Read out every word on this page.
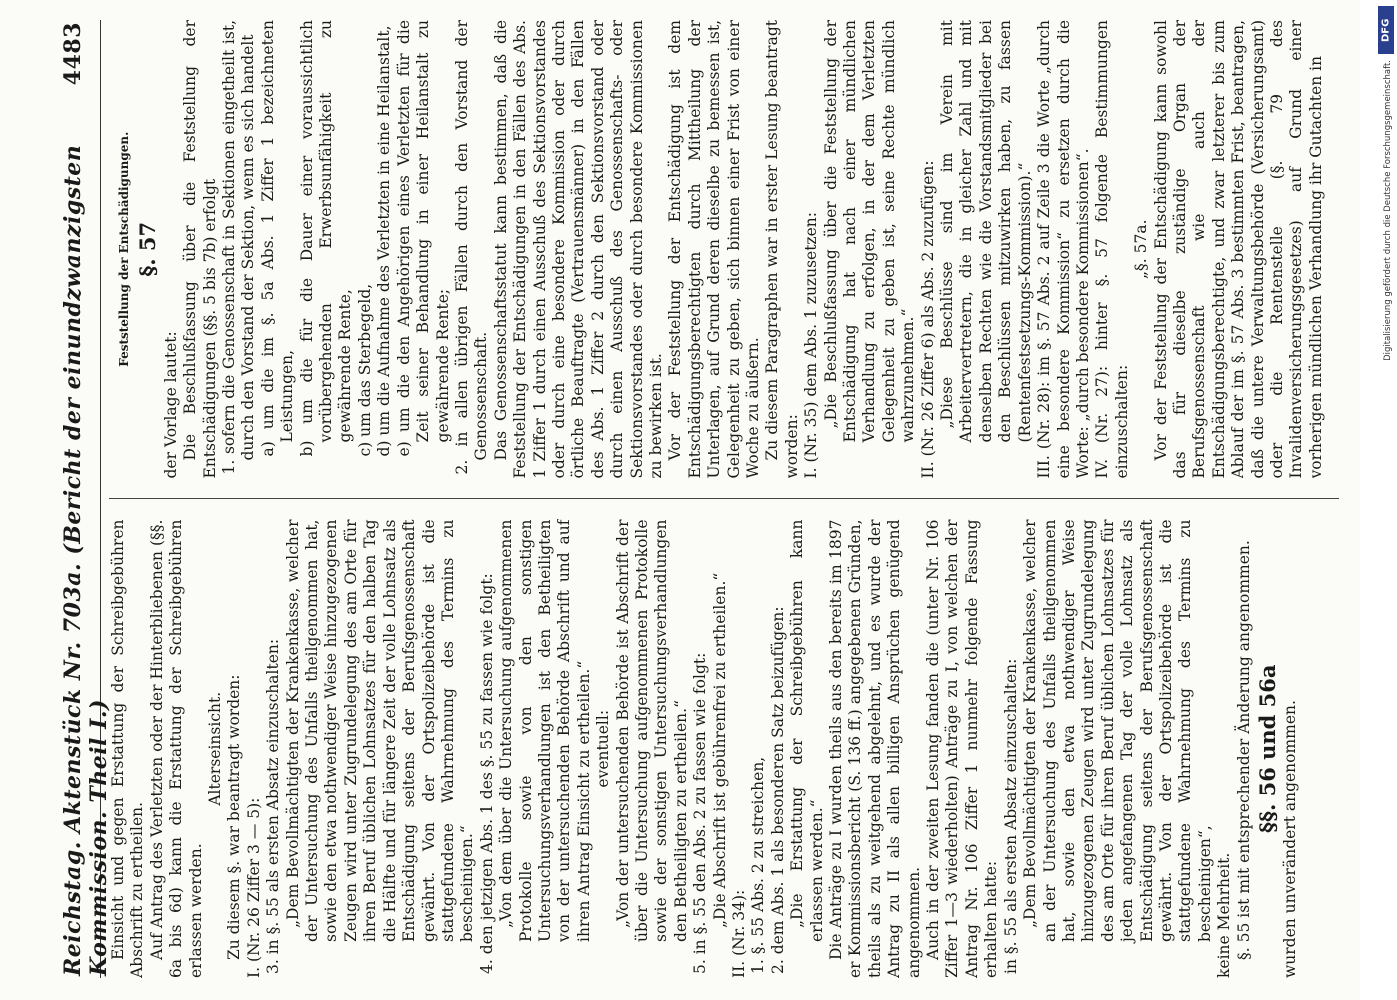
Reichstag. Aktenstück Nr. 703a. (Bericht der einundzwanzigsten Kommission. Theil I.)
4483

Einsicht und gegen Erstattung der Schreibgebühren Abschrift zu ertheilen. Auf Antrag des Verletzten oder der Hinterbliebenen (§§. 6a bis 6d) kann die Erstattung der Schreibgebühren erlassen werden.

Alterseinsicht. Zu diesem §. war beantragt worden: I. (Nr. 26 Ziffer 3 — 5): 3. in §. 55 als ersten Absatz einzuschalten: „Dem Bevollmächtigten der Krankenkasse, welcher der Untersuchung des Unfalls theilgenommen hat, sowie den etwa nothwendiger Weise hinzugezogenen Zeugen wird unter Zugrundelegung des am Orte für ihren Beruf üblichen Lohnsatzes für den halben Tag die Hälfte und für längere Zeit der volle Lohnsatz als Entschädigung seitens der Berufsgenossenschaft gewährt. Von der Ortspolizeibehörde ist die stattgefundene Wahrnehmung des Termins zu bescheinigen.“ 4. den jetzigen Abs. 1 des §. 55 zu fassen wie folgt: „Von dem über die Untersuchung aufgenommenen Protokolle sowie von den sonstigen Untersuchungsverhandlungen ist den Betheiligten von der untersuchenden Behörde Abschrift und auf ihren Antrag Einsicht zu ertheilen.“ eventuell: „Von der untersuchenden Behörde ist Abschrift der über die Untersuchung aufgenommenen Protokolle sowie der sonstigen Untersuchungsverhandlungen den Betheiligten zu ertheilen.“ 5. in §. 55 den Abs. 2 zu fassen wie folgt: „Die Abschrift ist gebührenfrei zu ertheilen.“

II. (Nr. 34): 1. §. 55 Abs. 2 zu streichen, 2. dem Abs. 1 als besonderen Satz beizufügen: „Die Erstattung der Schreibgebühren kann erlassen werden.“ Die Anträge zu I wurden theils aus den bereits im 1897 er Kommissionsbericht (S. 136 ff.) angegebenen Gründen, theils als zu weitgehend abgelehnt, und es wurde der Antrag zu II als allen billigen Ansprüchen genügend angenommen. Auch in der zweiten Lesung fanden die (unter Nr. 106 Ziffer 1—3 wiederholten) Anträge zu I, von welchen der Antrag Nr. 106 Ziffer 1 nunmehr folgende Fassung erhalten hatte: in §. 55 als ersten Absatz einzuschalten: „Dem Bevollmächtigten der Krankenkasse, welcher an der Untersuchung des Unfalls theilgenommen hat, sowie den etwa nothwendiger Weise hinzugezogenen Zeugen wird unter Zugrundelegung des am Orte für ihren Beruf üblichen Lohnsatzes für jeden angefangenen Tag der volle Lohnsatz als Entschädigung seitens der Berufsgenossenschaft gewährt. Von der Ortspolizeibehörde ist die stattgefundene Wahrnehmung des Termins zu bescheinigen“, keine Mehrheit. §. 55 ist mit entsprechender Änderung angenommen. §§. 56 und 56a wurden unverändert angenommen.

Feststellung der Entschädigungen. §. 57

der Vorlage lautet: Die Beschlußfassung über die Feststellung der Entschädigungen (§§. 5 bis 7b) erfolgt 1. sofern die Genossenschaft in Sektionen eingetheilt ist, durch den Vorstand der Sektion, wenn es sich handelt a) um die im §. 5a Abs. 1 Ziffer 1 bezeichneten Leistungen, b) um die für die Dauer einer voraussichtlich vorübergehenden Erwerbsunfähigkeit zu gewährende Rente, c) um das Sterbegeld, d) um die Aufnahme des Verletzten in eine Heilanstalt, e) um die den Angehörigen eines Verletzten für die Zeit seiner Behandlung in einer Heilanstalt zu gewährende Rente; 2. in allen übrigen Fällen durch den Vorstand der Genossenschaft. Das Genossenschaftsstatut kann bestimmen, daß die Feststellung der Entschädigungen in den Fällen des Abs. 1 Ziffer 1 durch einen Ausschuß des Sektionsvorstandes oder durch eine besondere Kommission oder durch örtliche Beauftragte (Vertrauensmänner) in den Fällen des Abs. 1 Ziffer 2 durch den Sektionsvorstand oder durch einen Ausschuß des Genossenschafts- oder Sektionsvorstandes oder durch besondere Kommissionen zu bewirken ist. Vor der Feststellung der Entschädigung ist dem Entschädigungsberechtigten durch Mittheilung der Unterlagen, auf Grund deren dieselbe zu bemessen ist, Gelegenheit zu geben, sich binnen einer Frist von einer Woche zu äußern. Zu diesem Paragraphen war in erster Lesung beantragt worden: I. (Nr. 35) dem Abs. 1 zuzusetzen: „Die Beschlußfassung über die Feststellung der Entschädigung hat nach einer mündlichen Verhandlung zu erfolgen, in der dem Verletzten Gelegenheit zu geben ist, seine Rechte mündlich wahrzunehmen.“ II. (Nr. 26 Ziffer 6) als Abs. 2 zuzufügen: „Diese Beschlüsse sind im Verein mit Arbeitervertretern, die in gleicher Zahl und mit denselben Rechten wie die Vorstandsmitglieder bei den Beschlüssen mitzuwirken haben, zu fassen (Rentenfestsetzungs-Kommission).“ III. (Nr. 28): im §. 57 Abs. 2 auf Zeile 3 die Worte „durch eine besondere Kommission“ zu ersetzen durch die Worte: „durch besondere Kommissionen“. IV. (Nr. 27): hinter §. 57 folgende Bestimmungen einzuschalten:

„§. 57a. Vor der Feststellung der Entschädigung kann sowohl das für dieselbe zuständige Organ der Berufsgenossenschaft wie auch der Entschädigungsberechtigte, und zwar letzterer bis zum Ablauf der im §. 57 Abs. 3 bestimmten Frist, beantragen, daß die untere Verwaltungsbehörde (Versicherungsamt) oder die Rentenstelle (§. 79 des Invalidenversicherungsgesetzes) auf Grund einer vorherigen mündlichen Verhandlung ihr Gutachten in

DFG
Digitalisierung gefördert durch die Deutsche Forschungsgemeinschaft.
